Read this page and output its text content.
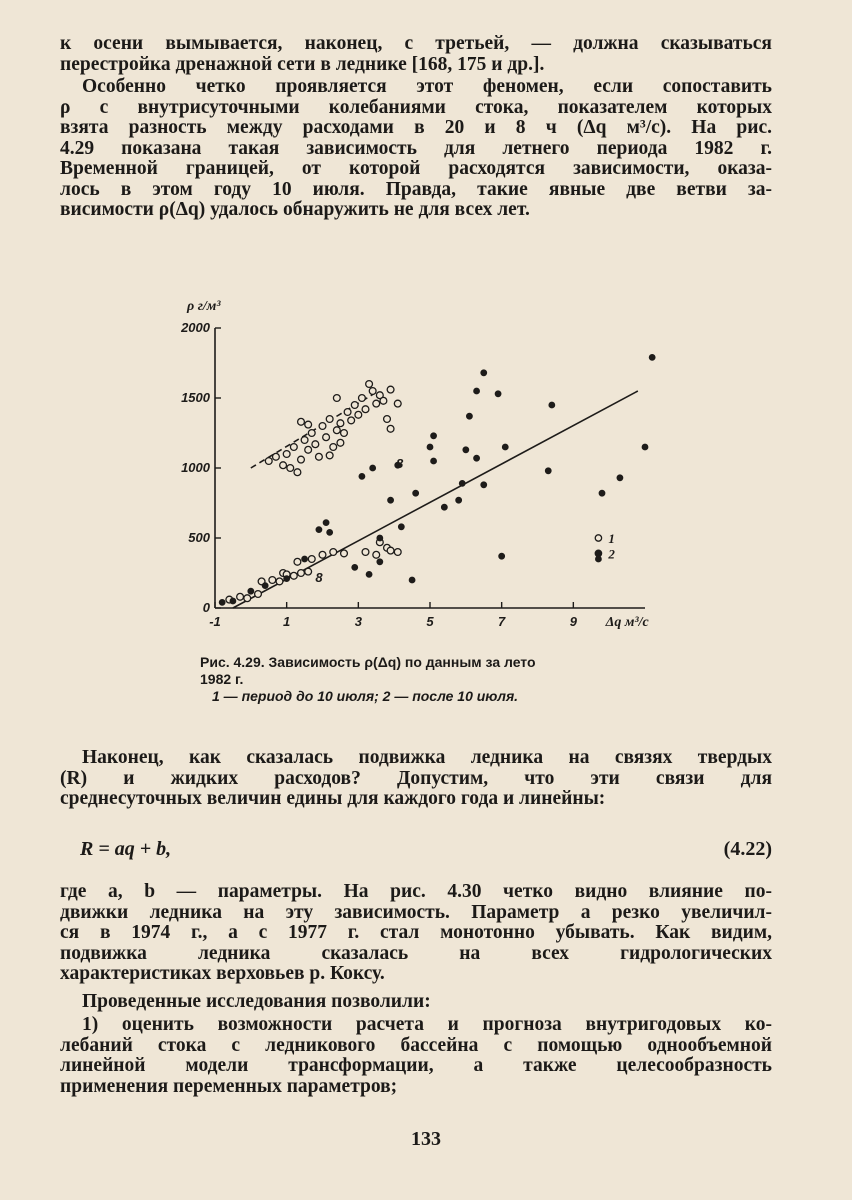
к осени вымывается, наконец, с третьей, — должна сказываться
перестройка дренажной сети в леднике [168, 175 и др.].
Особенно четко проявляется этот феномен, если сопоставить
ρ с внутрисуточными колебаниями стока, показателем которых
взята разность между расходами в 20 и 8 ч (Δq м³/с). На рис.
4.29 показана такая зависимость для летнего периода 1982 г.
Временной границей, от которой расходятся зависимости, оказа-
лось в этом году 10 июля. Правда, такие явные две ветви за-
висимости ρ(Δq) удалось обнаружить не для всех лет.
0
500
1000
1500
2000
-1	1	3	5	7	9
ρ г/м³
Δq м³/с
8
8
1
2
Рис. 4.29. Зависимость ρ(Δq) по данным за лето
1982 г.
1 — период до 10 июля; 2 — после 10 июля.
Наконец, как сказалась подвижка ледника на связях твердых
(R) и жидких расходов? Допустим, что эти связи для
среднесуточных величин едины для каждого года и линейны:
R = aq + b,	(4.22)
где a, b — параметры. На рис. 4.30 четко видно влияние по-
движки ледника на эту зависимость. Параметр a резко увеличил-
ся в 1974 г., а с 1977 г. стал монотонно убывать. Как видим,
подвижка ледника сказалась на всех гидрологических
характеристиках верховьев р. Коксу.
Проведенные исследования позволили:
1) оценить возможности расчета и прогноза внутригодовых ко-
лебаний стока с ледникового бассейна с помощью однообъемной
линейной модели трансформации, а также целесообразность
применения переменных параметров;
133
